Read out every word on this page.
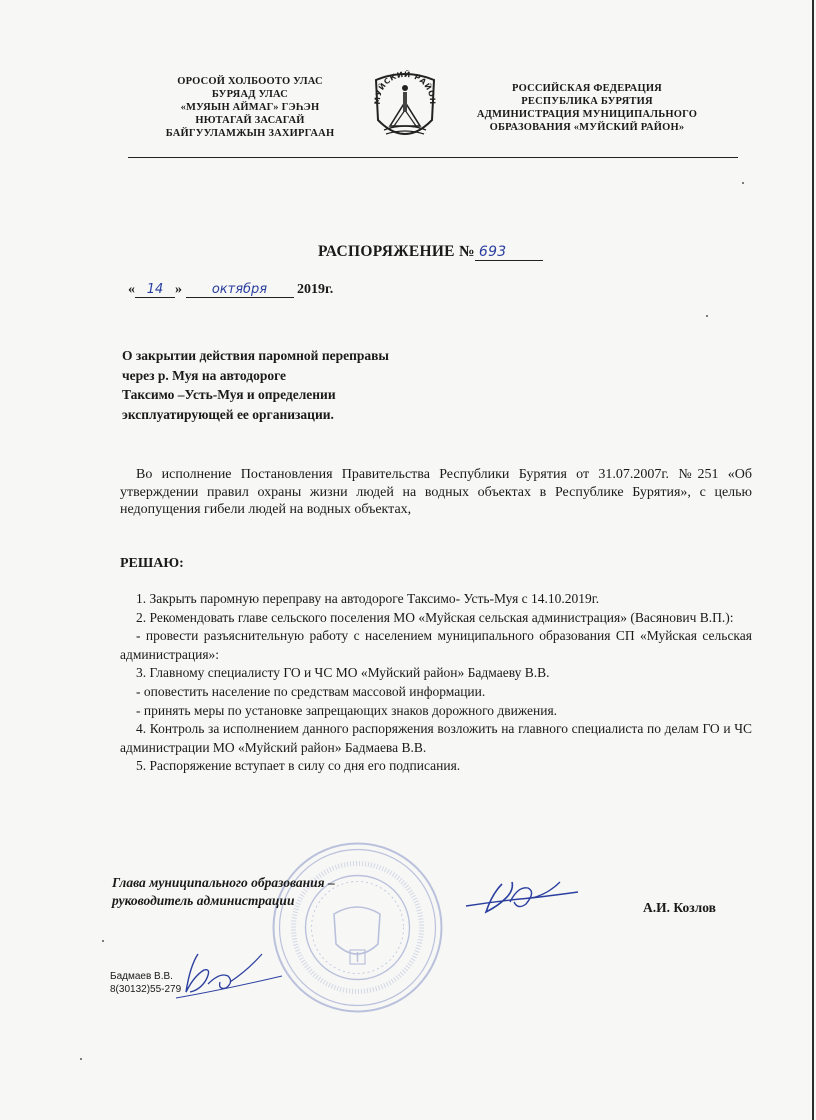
ОРОСОЙ ХОЛБООТО УЛАС
БУРЯАД УЛАС
«МУЯЫН АЙМАГ» ГЭҺЭН
НЮТАГАЙ ЗАСАГАЙ
БАЙГУУЛАМЖЫН ЗАХИРГААН
МУЙСКИЙ РАЙОН
РОССИЙСКАЯ ФЕДЕРАЦИЯ
РЕСПУБЛИКА БУРЯТИЯ
АДМИНИСТРАЦИЯ МУНИЦИПАЛЬНОГО
ОБРАЗОВАНИЯ «МУЙСКИЙ РАЙОН»
РАСПОРЯЖЕНИЕ № 693
« 14 » октября 2019г.
О закрытии действия паромной переправы
через р. Муя на автодороге
Таксимо –Усть-Муя и определении
эксплуатирующей ее организации.
Во исполнение Постановления Правительства Республики Бурятия от 31.07.2007г. №251 «Об утверждении правил охраны жизни людей на водных объектах в Республике Бурятия», с целью недопущения гибели людей на водных объектах,
РЕШАЮ:

1. Закрыть паромную переправу на автодороге Таксимо- Усть-Муя с 14.10.2019г.

2. Рекомендовать главе сельского поселения МО «Муйская сельская администрация» (Васянович В.П.):

- провести разъяснительную работу с населением муниципального образования СП «Муйская сельская администрация»:

3. Главному специалисту ГО и ЧС МО «Муйский район» Бадмаеву В.В.

- оповестить население по средствам массовой информации.

- принять меры по установке запрещающих знаков дорожного движения.

4. Контроль за исполнением данного распоряжения возложить на главного специалиста по делам ГО и ЧС администрации МО «Муйский район» Бадмаева В.В.

5. Распоряжение вступает в силу со дня его подписания.

Глава муниципального образования –
руководитель администрации	А.И. Козлов
Бадмаев В.В.
8(30132)55-279
